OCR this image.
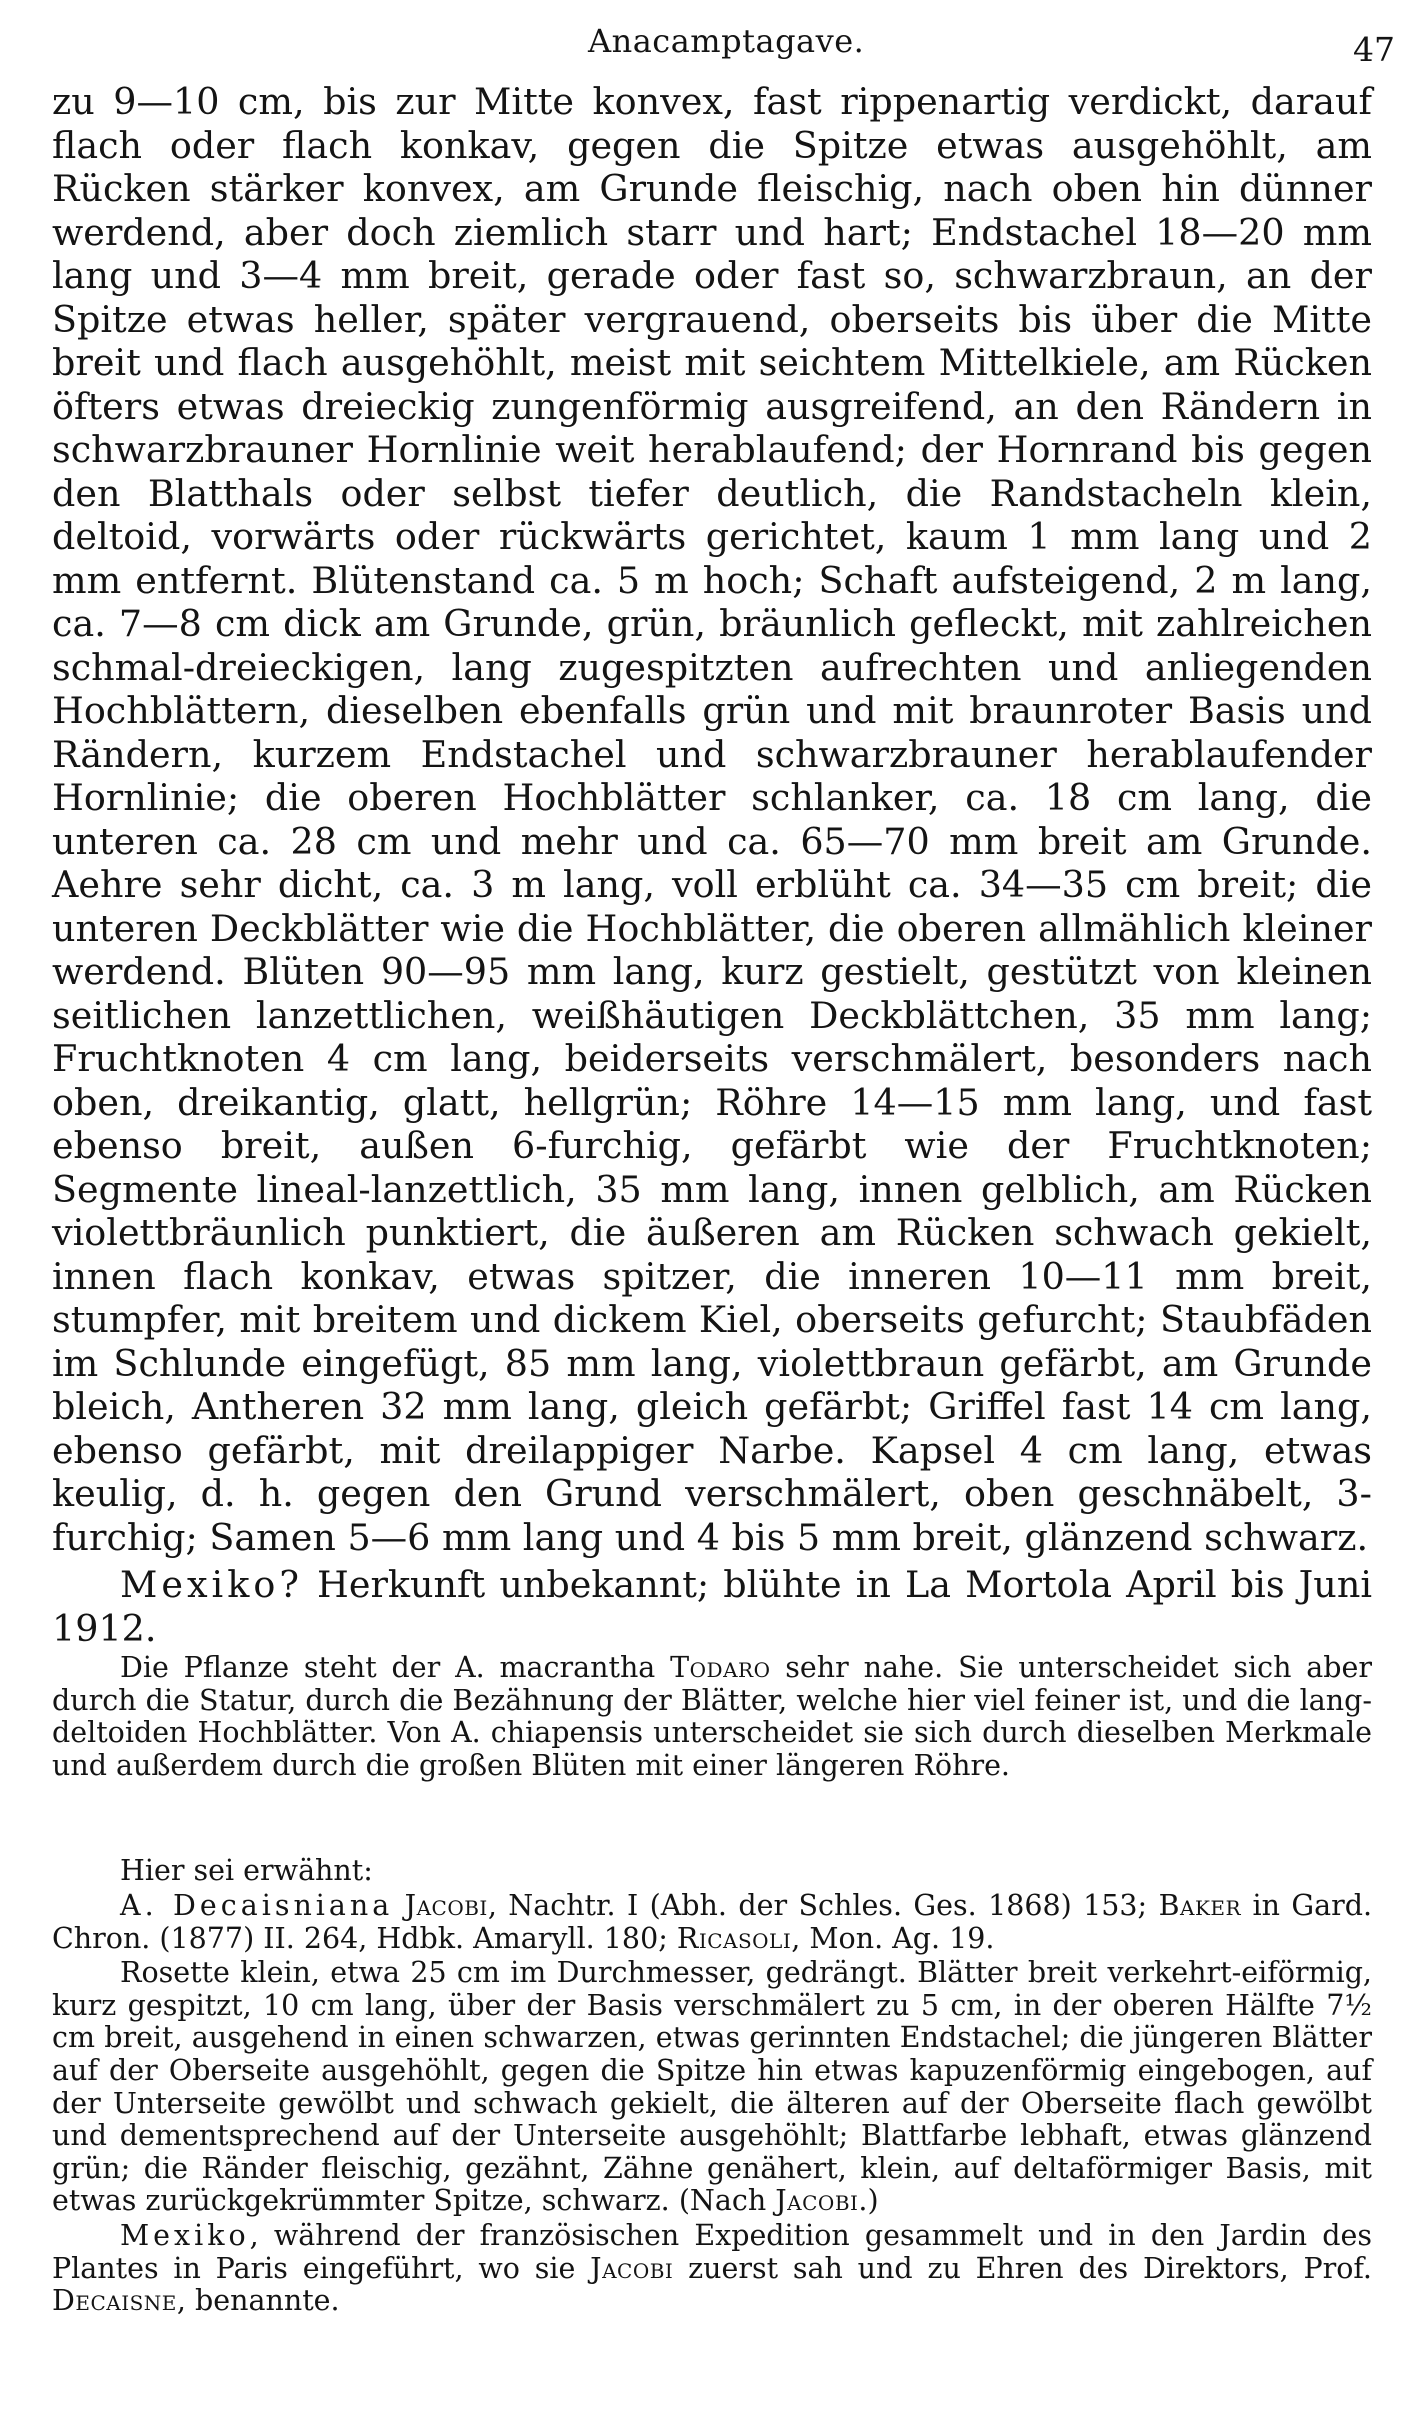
Anacamptagave.	47

zu 9—10 cm, bis zur Mitte konvex, fast rippenartig verdickt, darauf flach oder flach konkav, gegen die Spitze etwas ausgehöhlt, am Rücken stärker konvex, am Grunde fleischig, nach oben hin dünner werdend, aber doch ziemlich starr und hart; Endstachel 18—20 mm lang und 3—4 mm breit, gerade oder fast so, schwarzbraun, an der Spitze etwas heller, später vergrauend, oberseits bis über die Mitte breit und flach ausgehöhlt, meist mit seichtem Mittelkiele, am Rücken öfters etwas dreieckig zungenförmig ausgreifend, an den Rändern in schwarzbrauner Hornlinie weit herablaufend; der Hornrand bis gegen den Blatthals oder selbst tiefer deutlich, die Randstacheln klein, deltoid, vorwärts oder rückwärts gerichtet, kaum 1 mm lang und 2 mm entfernt. Blütenstand ca. 5 m hoch; Schaft aufsteigend, 2 m lang, ca. 7—8 cm dick am Grunde, grün, bräunlich gefleckt, mit zahlreichen schmal-dreieckigen, lang zugespitzten aufrechten und anliegenden Hochblättern, dieselben ebenfalls grün und mit braunroter Basis und Rändern, kurzem Endstachel und schwarzbrauner herablaufender Hornlinie; die oberen Hochblätter schlanker, ca. 18 cm lang, die unteren ca. 28 cm und mehr und ca. 65—70 mm breit am Grunde. Aehre sehr dicht, ca. 3 m lang, voll erblüht ca. 34—35 cm breit; die unteren Deckblätter wie die Hochblätter, die oberen allmählich kleiner werdend. Blüten 90—95 mm lang, kurz gestielt, gestützt von kleinen seitlichen lanzettlichen, weißhäutigen Deckblättchen, 35 mm lang; Fruchtknoten 4 cm lang, beiderseits verschmälert, besonders nach oben, dreikantig, glatt, hellgrün; Röhre 14—15 mm lang, und fast ebenso breit, außen 6-furchig, gefärbt wie der Fruchtknoten; Segmente lineal-lanzettlich, 35 mm lang, innen gelblich, am Rücken violettbräunlich punktiert, die äußeren am Rücken schwach gekielt, innen flach konkav, etwas spitzer, die inneren 10—11 mm breit, stumpfer, mit breitem und dickem Kiel, oberseits gefurcht; Staubfäden im Schlunde eingefügt, 85 mm lang, violettbraun gefärbt, am Grunde bleich, Antheren 32 mm lang, gleich gefärbt; Griffel fast 14 cm lang, ebenso gefärbt, mit dreilappiger Narbe. Kapsel 4 cm lang, etwas keulig, d. h. gegen den Grund verschmälert, oben geschnäbelt, 3-furchig; Samen 5—6 mm lang und 4 bis 5 mm breit, glänzend schwarz.

Mexiko? Herkunft unbekannt; blühte in La Mortola April bis Juni 1912.

Die Pflanze steht der A. macrantha Todaro sehr nahe. Sie unterscheidet sich aber durch die Statur, durch die Bezähnung der Blätter, welche hier viel feiner ist, und die lang-deltoiden Hochblätter. Von A. chiapensis unterscheidet sie sich durch dieselben Merkmale und außerdem durch die großen Blüten mit einer längeren Röhre.

Hier sei erwähnt:

A. Decaisniana Jacobi, Nachtr. I (Abh. der Schles. Ges. 1868) 153; Baker in Gard. Chron. (1877) II. 264, Hdbk. Amaryll. 180; Ricasoli, Mon. Ag. 19.

Rosette klein, etwa 25 cm im Durchmesser, gedrängt. Blätter breit verkehrt-eiförmig, kurz gespitzt, 10 cm lang, über der Basis verschmälert zu 5 cm, in der oberen Hälfte 7½ cm breit, ausgehend in einen schwarzen, etwas gerinnten Endstachel; die jüngeren Blätter auf der Oberseite ausgehöhlt, gegen die Spitze hin etwas kapuzenförmig eingebogen, auf der Unterseite gewölbt und schwach gekielt, die älteren auf der Oberseite flach gewölbt und dementsprechend auf der Unterseite ausgehöhlt; Blattfarbe lebhaft, etwas glänzend grün; die Ränder fleischig, gezähnt, Zähne genähert, klein, auf deltaförmiger Basis, mit etwas zurückgekrümmter Spitze, schwarz. (Nach Jacobi.)

Mexiko, während der französischen Expedition gesammelt und in den Jardin des Plantes in Paris eingeführt, wo sie Jacobi zuerst sah und zu Ehren des Direktors, Prof. Decaisne, benannte.
